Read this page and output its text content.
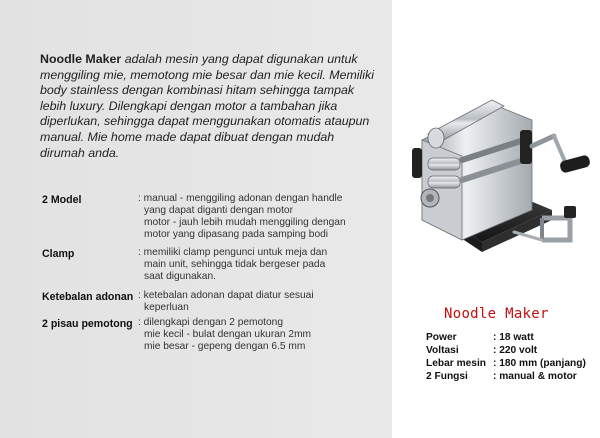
Noodle Maker adalah mesin yang dapat digunakan untuk menggiling mie, memotong mie besar dan mie kecil. Memiliki body stainless dengan kombinasi hitam sehingga tampak lebih luxury. Dilengkapi dengan motor a tambahan jika diperlukan, sehingga dapat menggunakan otomatis ataupun manual. Mie home made dapat dibuat dengan mudah dirumah anda.
2 Model	: manual - menggiling adonan dengan handle
yang dapat diganti dengan motor
motor - jauh lebih mudah menggiling dengan
motor yang dipasang pada samping bodi
Clamp	: memiliki clamp pengunci untuk meja dan
main unit, sehingga tidak bergeser pada
saat digunakan.
Ketebalan adonan : ketebalan adonan dapat diatur sesuai
keperluan
2 pisau pemotong : dilengkapi dengan 2 pemotong
mie kecil - bulat dengan ukuran 2mm
mie besar - gepeng dengan 6.5 mm
Noodle Maker
Power	: 18 watt
Voltasi	: 220 volt
Lebar mesin : 180 mm (panjang)
2 Fungsi : manual & motor
